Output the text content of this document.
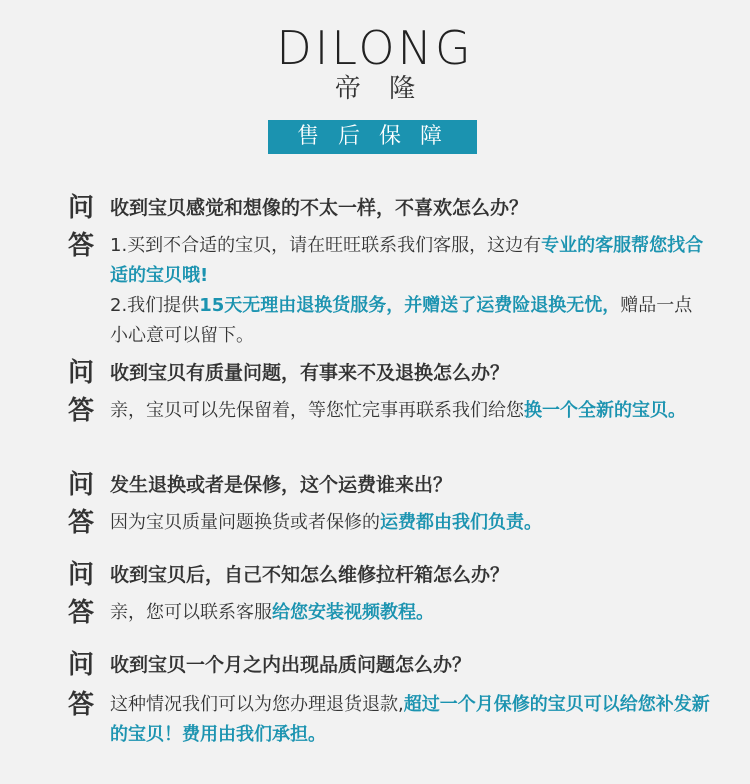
DILONG
帝 隆
售 后 保 障
问 收到宝贝感觉和想像的不太一样，不喜欢怎么办？
答 1.买到不合适的宝贝，请在旺旺联系我们客服，这边有专业的客服帮您找合适的宝贝哦!
2.我们提供15天无理由退换货服务，并赠送了运费险退换无忧，赠品一点小心意可以留下。
问 收到宝贝有质量问题，有事来不及退换怎么办？
答 亲，宝贝可以先保留着，等您忙完事再联系我们给您换一个全新的宝贝。
问 发生退换或者是保修，这个运费谁来出？
答 因为宝贝质量问题换货或者保修的运费都由我们负责。
问 收到宝贝后，自己不知怎么维修拉杆箱怎么办？
答 亲，您可以联系客服给您安装视频教程。
问 收到宝贝一个月之内出现品质问题怎么办？
答 这种情况我们可以为您办理退货退款,超过一个月保修的宝贝可以给您补发新的宝贝！费用由我们承担。
